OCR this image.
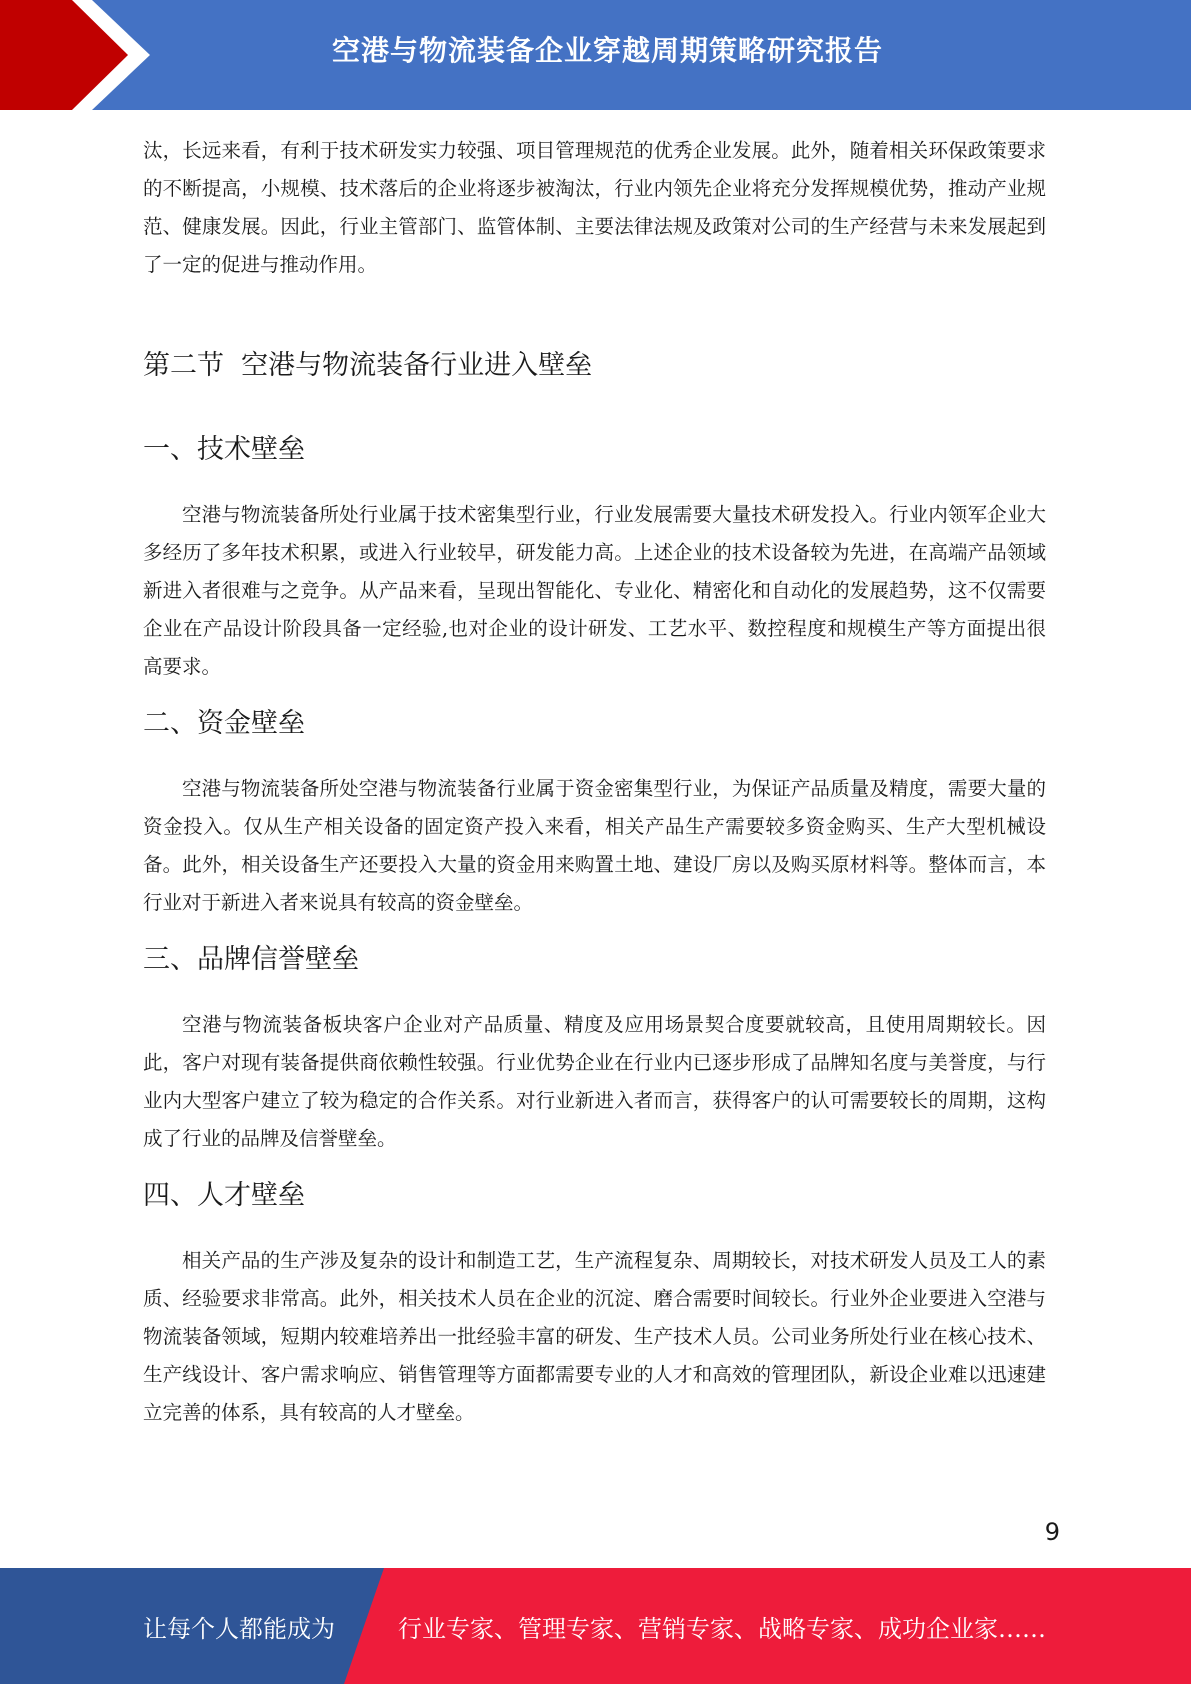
空港与物流装备企业穿越周期策略研究报告

汰，长远来看，有利于技术研发实力较强、项目管理规范的优秀企业发展。此外，随着相关环保政策要求的不断提高，小规模、技术落后的企业将逐步被淘汰，行业内领先企业将充分发挥规模优势，推动产业规范、健康发展。因此，行业主管部门、监管体制、主要法律法规及政策对公司的生产经营与未来发展起到了一定的促进与推动作用。

第二节  空港与物流装备行业进入壁垒
一、技术壁垒

空港与物流装备所处行业属于技术密集型行业，行业发展需要大量技术研发投入。行业内领军企业大多经历了多年技术积累，或进入行业较早，研发能力高。上述企业的技术设备较为先进，在高端产品领域新进入者很难与之竞争。从产品来看，呈现出智能化、专业化、精密化和自动化的发展趋势，这不仅需要企业在产品设计阶段具备一定经验,也对企业的设计研发、工艺水平、数控程度和规模生产等方面提出很高要求。

二、资金壁垒

空港与物流装备所处空港与物流装备行业属于资金密集型行业，为保证产品质量及精度，需要大量的资金投入。仅从生产相关设备的固定资产投入来看，相关产品生产需要较多资金购买、生产大型机械设备。此外，相关设备生产还要投入大量的资金用来购置土地、建设厂房以及购买原材料等。整体而言，本行业对于新进入者来说具有较高的资金壁垒。

三、品牌信誉壁垒

空港与物流装备板块客户企业对产品质量、精度及应用场景契合度要就较高，且使用周期较长。因此，客户对现有装备提供商依赖性较强。行业优势企业在行业内已逐步形成了品牌知名度与美誉度，与行业内大型客户建立了较为稳定的合作关系。对行业新进入者而言，获得客户的认可需要较长的周期，这构成了行业的品牌及信誉壁垒。

四、人才壁垒

相关产品的生产涉及复杂的设计和制造工艺，生产流程复杂、周期较长，对技术研发人员及工人的素质、经验要求非常高。此外，相关技术人员在企业的沉淀、磨合需要时间较长。行业外企业要进入空港与物流装备领域，短期内较难培养出一批经验丰富的研发、生产技术人员。公司业务所处行业在核心技术、生产线设计、客户需求响应、销售管理等方面都需要专业的人才和高效的管理团队，新设企业难以迅速建立完善的体系，具有较高的人才壁垒。

9
让每个人都能成为	行业专家、管理专家、营销专家、战略专家、成功企业家……
